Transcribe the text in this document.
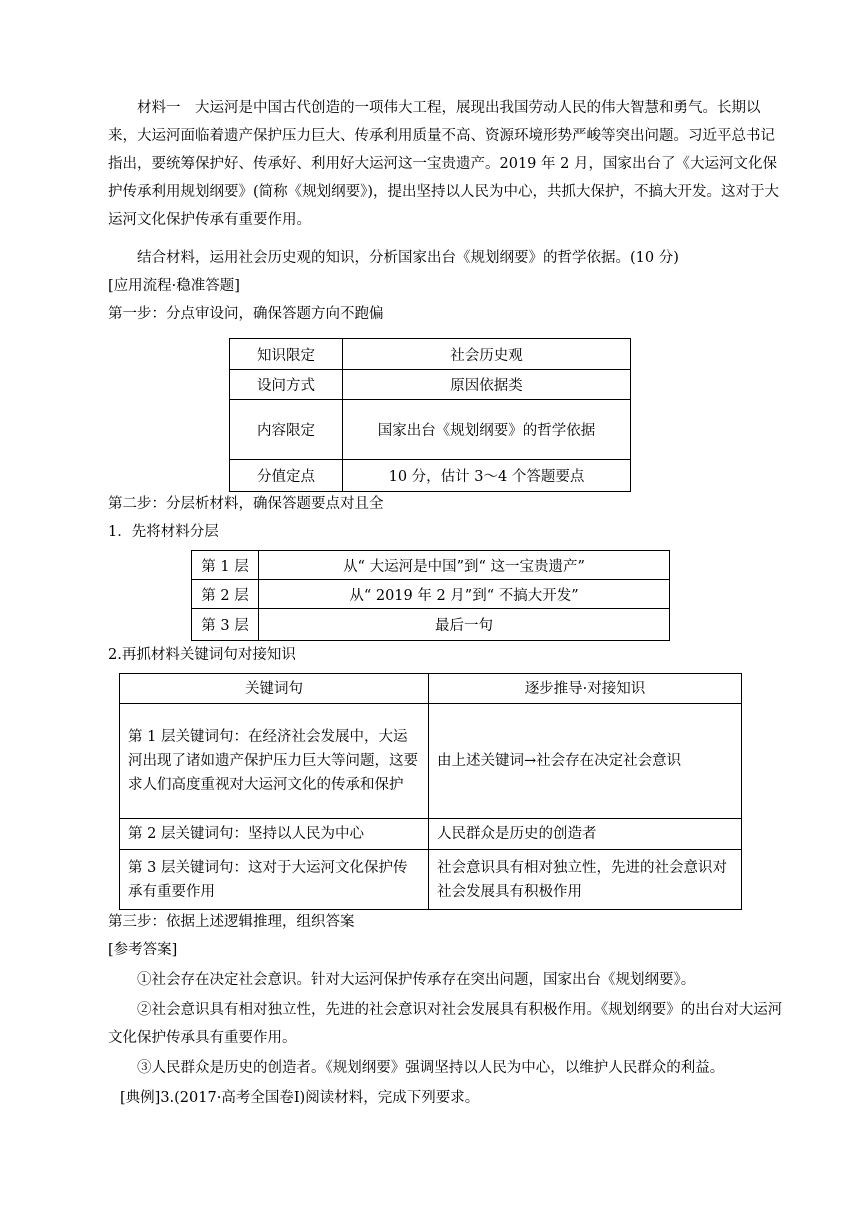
材料一　大运河是中国古代创造的一项伟大工程，展现出我国劳动人民的伟大智慧和勇气。长期以来，大运河面临着遗产保护压力巨大、传承利用质量不高、资源环境形势严峻等突出问题。习近平总书记指出，要统筹保护好、传承好、利用好大运河这一宝贵遗产。2019 年 2 月，国家出台了《大运河文化保护传承利用规划纲要》(简称《规划纲要》)，提出坚持以人民为中心，共抓大保护，不搞大开发。这对于大运河文化保护传承有重要作用。

结合材料，运用社会历史观的知识，分析国家出台《规划纲要》的哲学依据。(10 分)

[应用流程·稳准答题]
第一步：分点审设问，确保答题方向不跑偏
知识限定	社会历史观
设问方式	原因依据类
内容限定	国家出台《规划纲要》的哲学依据
分值定点	10 分，估计 3～4 个答题要点
第二步：分层析材料，确保答题要点对且全
1．先将材料分层
第 1 层	从“ 大运河是中国”到“ 这一宝贵遗产”
第 2 层	从“ 2019 年 2 月”到“ 不搞大开发”
第 3 层	最后一句
2.再抓材料关键词句对接知识
关键词句	逐步推导·对接知识
第 1 层关键词句：在经济社会发展中，大运河出现了诸如遗产保护压力巨大等问题，这要求人们高度重视对大运河文化的传承和保护	由上述关键词→社会存在决定社会意识
第 2 层关键词句：坚持以人民为中心	人民群众是历史的创造者
第 3 层关键词句：这对于大运河文化保护传承有重要作用	社会意识具有相对独立性，先进的社会意识对社会发展具有积极作用
第三步：依据上述逻辑推理，组织答案
[参考答案]

①社会存在决定社会意识。针对大运河保护传承存在突出问题，国家出台《规划纲要》。

②社会意识具有相对独立性，先进的社会意识对社会发展具有积极作用。《规划纲要》的出台对大运河文化保护传承具有重要作用。

③人民群众是历史的创造者。《规划纲要》强调坚持以人民为中心，以维护人民群众的利益。

[典例]3.(2017·高考全国卷Ⅰ)阅读材料，完成下列要求。
